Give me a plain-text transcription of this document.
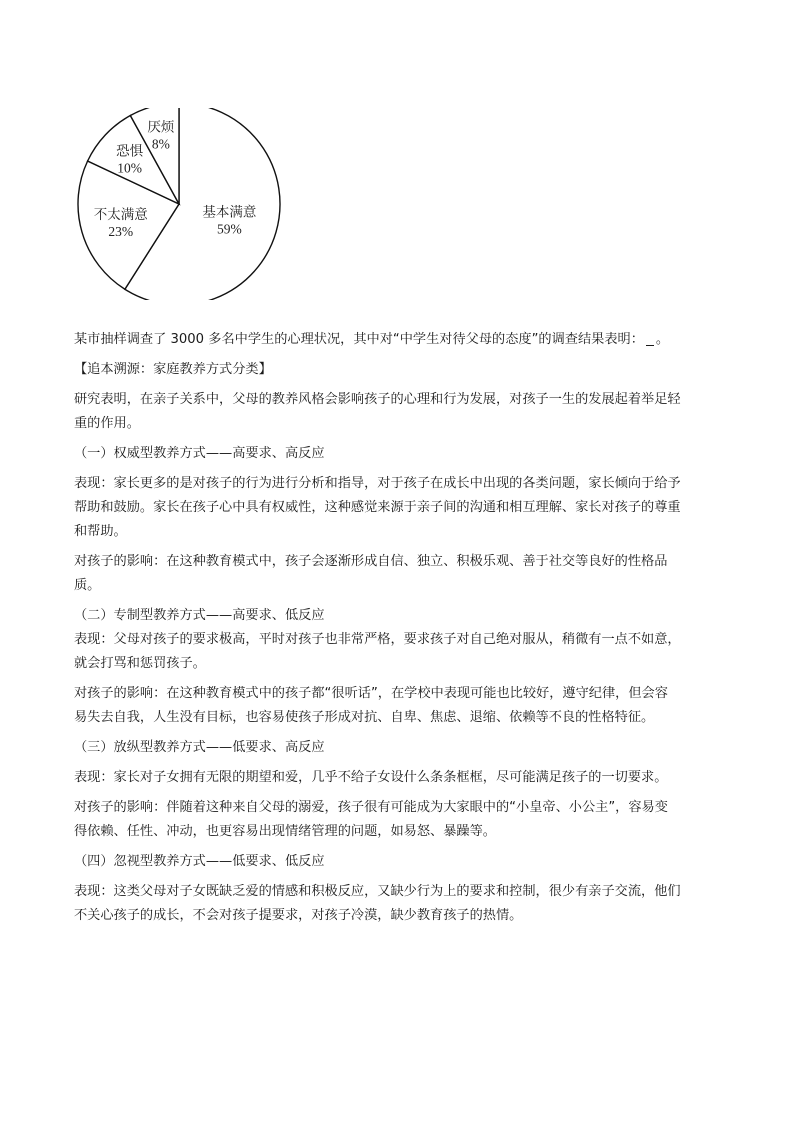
基本满意
59%
不太满意
23%
恐惧
10%
厌烦
8%

某市抽样调查了 3000 多名中学生的心理状况，其中对“中学生对待父母的态度”的调查结果表明： 。

【追本溯源：家庭教养方式分类】

研究表明，在亲子关系中，父母的教养风格会影响孩子的心理和行为发展，对孩子一生的发展起着举足轻
重的作用。

（一）权威型教养方式——高要求、高反应

表现：家长更多的是对孩子的行为进行分析和指导，对于孩子在成长中出现的各类问题，家长倾向于给予
帮助和鼓励。家长在孩子心中具有权威性，这种感觉来源于亲子间的沟通和相互理解、家长对孩子的尊重
和帮助。

对孩子的影响：在这种教育模式中，孩子会逐渐形成自信、独立、积极乐观、善于社交等良好的性格品
质。

（二）专制型教养方式——高要求、低反应

表现：父母对孩子的要求极高，平时对孩子也非常严格，要求孩子对自己绝对服从，稍微有一点不如意，
就会打骂和惩罚孩子。

对孩子的影响：在这种教育模式中的孩子都“很听话”，在学校中表现可能也比较好，遵守纪律，但会容
易失去自我，人生没有目标，也容易使孩子形成对抗、自卑、焦虑、退缩、依赖等不良的性格特征。

（三）放纵型教养方式——低要求、高反应

表现：家长对子女拥有无限的期望和爱，几乎不给子女设什么条条框框，尽可能满足孩子的一切要求。

对孩子的影响：伴随着这种来自父母的溺爱，孩子很有可能成为大家眼中的“小皇帝、小公主”，容易变
得依赖、任性、冲动，也更容易出现情绪管理的问题，如易怒、暴躁等。

（四）忽视型教养方式——低要求、低反应

表现：这类父母对子女既缺乏爱的情感和积极反应，又缺少行为上的要求和控制，很少有亲子交流，他们
不关心孩子的成长，不会对孩子提要求，对孩子冷漠，缺少教育孩子的热情。
